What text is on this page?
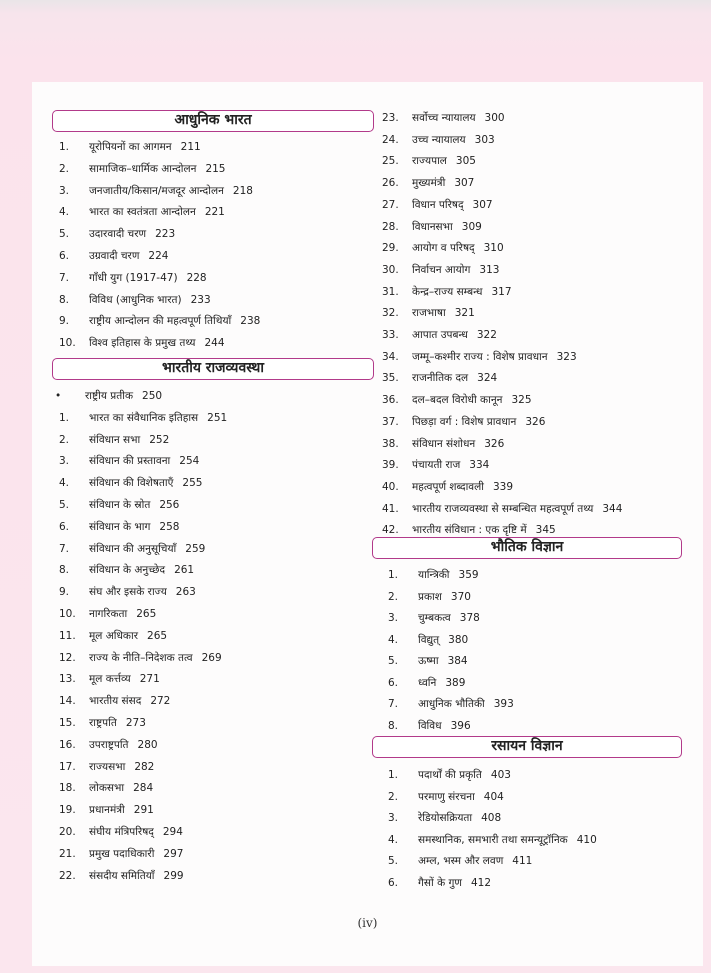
आधुनिक भारत
1. यूरोपियनों का आगमन 211
2. सामाजिक–धार्मिक आन्दोलन 215
3. जनजातीय/किसान/मजदूर आन्दोलन 218
4. भारत का स्वतंत्रता आन्दोलन 221
5. उदारवादी चरण 223
6. उग्रवादी चरण 224
7. गाँधी युग (1917-47) 228
8. विविध (आधुनिक भारत) 233
9. राष्ट्रीय आन्दोलन की महत्वपूर्ण तिथियाँ 238
10. विश्व इतिहास के प्रमुख तथ्य 244
भारतीय राजव्यवस्था
• राष्ट्रीय प्रतीक 250
1. भारत का संवैधानिक इतिहास 251
2. संविधान सभा 252
3. संविधान की प्रस्तावना 254
4. संविधान की विशेषताएँ 255
5. संविधान के स्रोत 256
6. संविधान के भाग 258
7. संविधान की अनुसूचियाँ 259
8. संविधान के अनुच्छेद 261
9. संघ और इसके राज्य 263
10. नागरिकता 265
11. मूल अधिकार 265
12. राज्य के नीति–निदेशक तत्व 269
13. मूल कर्त्तव्य 271
14. भारतीय संसद 272
15. राष्ट्रपति 273
16. उपराष्ट्रपति 280
17. राज्यसभा 282
18. लोकसभा 284
19. प्रधानमंत्री 291
20. संघीय मंत्रिपरिषद् 294
21. प्रमुख पदाधिकारी 297
22. संसदीय समितियाँ 299
23. सर्वोच्च न्यायालय 300
24. उच्च न्यायालय 303
25. राज्यपाल 305
26. मुख्यमंत्री 307
27. विधान परिषद् 307
28. विधानसभा 309
29. आयोग व परिषद् 310
30. निर्वाचन आयोग 313
31. केन्द्र–राज्य सम्बन्ध 317
32. राजभाषा 321
33. आपात उपबन्ध 322
34. जम्मू–कश्मीर राज्य : विशेष प्रावधान 323
35. राजनीतिक दल 324
36. दल–बदल विरोधी कानून 325
37. पिछड़ा वर्ग : विशेष प्रावधान 326
38. संविधान संशोधन 326
39. पंचायती राज 334
40. महत्वपूर्ण शब्दावली 339
41. भारतीय राजव्यवस्था से सम्बन्धित महत्वपूर्ण तथ्य 344
42. भारतीय संविधान : एक दृष्टि में 345
भौतिक विज्ञान
1. यान्त्रिकी 359
2. प्रकाश 370
3. चुम्बकत्व 378
4. विद्युत् 380
5. ऊष्मा 384
6. ध्वनि 389
7. आधुनिक भौतिकी 393
8. विविध 396
रसायन विज्ञान
1. पदार्थों की प्रकृति 403
2. परमाणु संरचना 404
3. रेडियोसक्रियता 408
4. समस्थानिक, समभारी तथा समन्यूट्रॉनिक 410
5. अम्ल, भस्म और लवण 411
6. गैसों के गुण 412
(iv)
